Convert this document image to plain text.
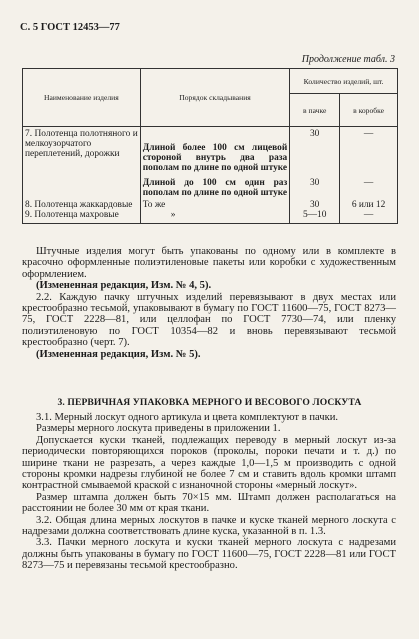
С. 5 ГОСТ 12453—77
Продолжение табл. 3
Наименование изделия	Порядок складывания	Количество изделий, шт.	
		в пачке	в коробке
7. Полотенца полотняного и мелкоузорчатого переплетений, дорожки	Длиной более 100 см лицевой стороной внутрь два раза пополам по длине по одной штуке	30	—
	Длиной до 100 см один раз пополам по длине по одной штуке	30	—
8. Полотенца жаккардовые	То же	30	6 или 12
9. Полотенца махровые	»	5—10	—

Штучные изделия могут быть упакованы по одному или в комплекте в красочно оформленные полиэтиленовые пакеты или коробки с художественным оформлением.

(Измененная редакция, Изм. № 4, 5).

2.2. Каждую пачку штучных изделий перевязывают в двух местах или крестообразно тесьмой, упаковывают в бумагу по ГОСТ 11600—75, ГОСТ 8273—75, ГОСТ 2228—81, или целлофан по ГОСТ 7730—74, или пленку полиэтиленовую по ГОСТ 10354—82 и вновь перевязывают тесьмой крестообразно (черт. 7).

(Измененная редакция, Изм. № 5).

3. ПЕРВИЧНАЯ УПАКОВКА МЕРНОГО И ВЕСОВОГО ЛОСКУТА

3.1. Мерный лоскут одного артикула и цвета комплектуют в пачки.

Размеры мерного лоскута приведены в приложении 1.

Допускается куски тканей, подлежащих переводу в мерный лоскут из-за периодически повторяющихся пороков (проколы, пороки печати и т. д.) по ширине ткани не разрезать, а через каждые 1,0—1,5 м производить с одной стороны кромки надрезы глубиной не более 7 см и ставить вдоль кромки штамп контрастной смываемой краской с изнаночной стороны «мерный лоскут».

Размер штампа должен быть 70×15 мм. Штамп должен располагаться на расстоянии не более 30 мм от края ткани.

3.2. Общая длина мерных лоскутов в пачке и куске тканей мерного лоскута с надрезами должна соответствовать длине куска, указанной в п. 1.3.

3.3. Пачки мерного лоскута и куски тканей мерного лоскута с надрезами должны быть упакованы в бумагу по ГОСТ 11600—75, ГОСТ 2228—81 или ГОСТ 8273—75 и перевязаны тесьмой крестообразно.
